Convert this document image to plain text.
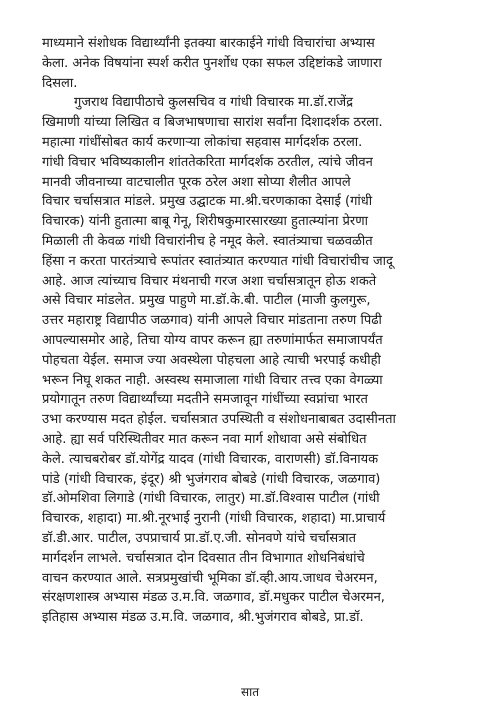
माध्यमाने संशोधक विद्यार्थ्यांनी इतक्या बारकाईने गांधी विचारांचा अभ्यास
केला. अनेक विषयांना स्पर्श करीत पुनर्शोध एका सफल उद्दिष्टांकडे जाणारा
दिसला.

गुजराथ विद्यापीठाचे कुलसचिव व गांधी विचारक मा.डॉ.राजेंद्र
खिमाणी यांच्या लिखित व बिजभाषणाचा सारांश सर्वांना दिशादर्शक ठरला.
महात्मा गांधींसोबत कार्य करणाऱ्या लोकांचा सहवास मार्गदर्शक ठरला.
गांधी विचार भविष्यकालीन शांततेकरिता मार्गदर्शक ठरतील, त्यांचे जीवन
मानवी जीवनाच्या वाटचालीत पूरक ठरेल अशा सोप्या शैलीत आपले
विचार चर्चासत्रात मांडले. प्रमुख उद्घाटक मा.श्री.चरणकाका देसाई (गांधी
विचारक) यांनी हुतात्मा बाबू गेनू, शिरीषकुमारसारख्या हुतात्म्यांना प्रेरणा
मिळाली ती केवळ गांधी विचारांनीच हे नमूद केले. स्वातंत्र्याचा चळवळीत
हिंसा न करता पारतंत्र्याचे रूपांतर स्वातंत्र्यात करण्यात गांधी विचारांचीच जादू
आहे. आज त्यांच्याच विचार मंथनाची गरज अशा चर्चासत्रातून होऊ शकते
असे विचार मांडलेत. प्रमुख पाहुणे मा.डॉ.के.बी. पाटील (माजी कुलगुरू,
उत्तर महाराष्ट्र विद्यापीठ जळगाव) यांनी आपले विचार मांडताना तरुण पिढी
आपल्यासमोर आहे, तिचा योग्य वापर करून ह्या तरुणांमार्फत समाजापर्यंत
पोहचता येईल. समाज ज्या अवस्थेला पोहचला आहे त्याची भरपाई कधीही
भरून निघू शकत नाही. अस्वस्थ समाजाला गांधी विचार तत्त्व एका वेगळ्या
प्रयोगातून तरुण विद्यार्थ्यांच्या मदतीने समजावून गांधींच्या स्वप्नांचा भारत
उभा करण्यास मदत होईल. चर्चासत्रात उपस्थिती व संशोधनाबाबत उदासीनता
आहे. ह्या सर्व परिस्थितीवर मात करून नवा मार्ग शोधावा असे संबोधित
केले. त्याचबरोबर डॉ.योगेंद्र यादव (गांधी विचारक, वाराणसी) डॉ.विनायक
पांडे (गांधी विचारक, इंदूर) श्री भुजंगराव बोबडे (गांधी विचारक, जळगाव)
डॉ.ओमशिवा लिगाडे (गांधी विचारक, लातुर) मा.डॉ.विश्वास पाटील (गांधी
विचारक, शहादा) मा.श्री.नूरभाई नुरानी (गांधी विचारक, शहादा) मा.प्राचार्य
डॉ.डी.आर. पाटील, उपप्राचार्य प्रा.डॉ.ए.जी. सोनवणे यांचे चर्चासत्रात
मार्गदर्शन लाभले. चर्चासत्रात दोन दिवसात तीन विभागात शोधनिबंधांचे
वाचन करण्यात आले. सत्रप्रमुखांची भूमिका डॉ.व्ही.आय.जाधव चेअरमन,
संरक्षणशास्त्र अभ्यास मंडळ उ.म.वि. जळगाव, डॉ.मधुकर पाटील चेअरमन,
इतिहास अभ्यास मंडळ उ.म.वि. जळगाव, श्री.भुजंगराव बोबडे, प्रा.डॉ.

सात
